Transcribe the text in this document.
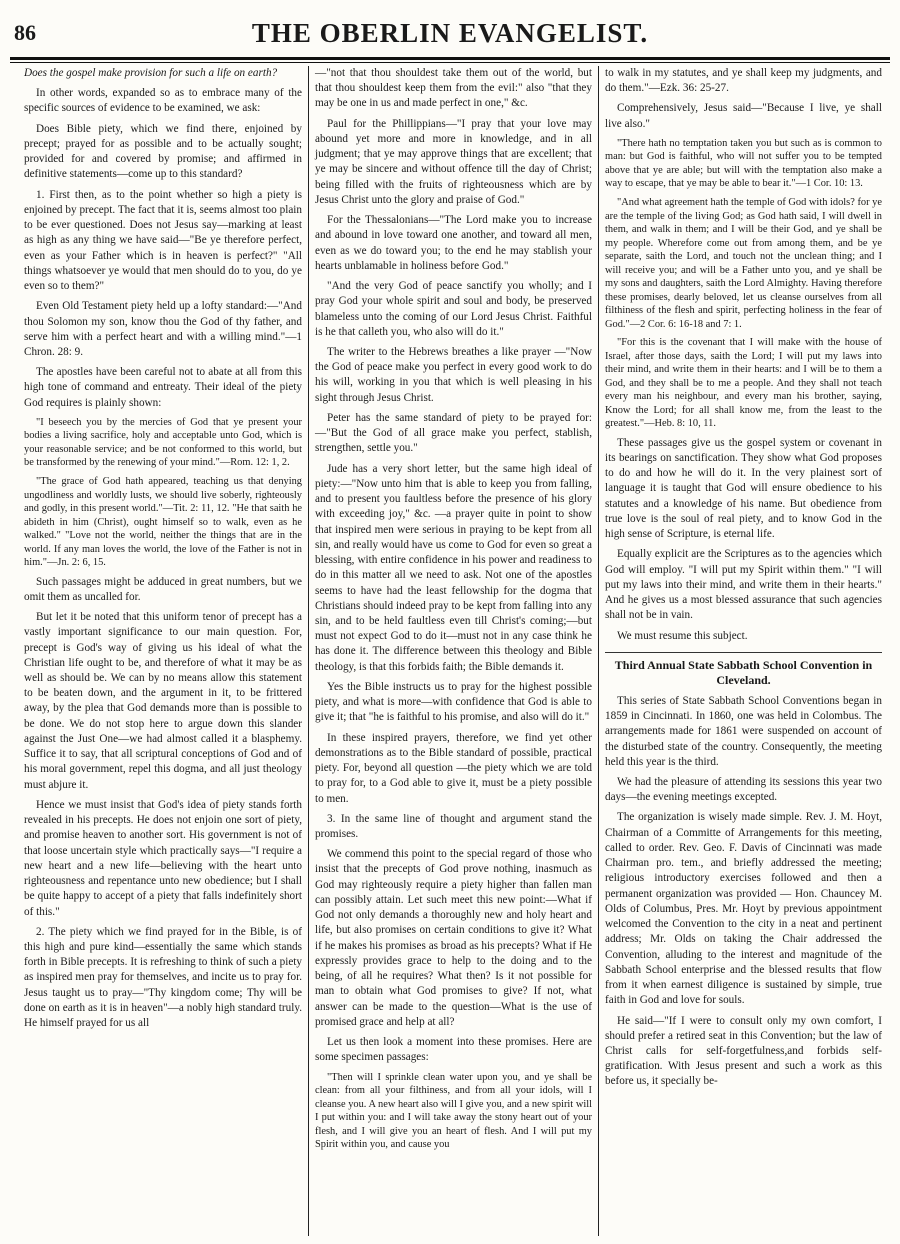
86	THE OBERLIN EVANGELIST.

Does the gospel make provision for such a life on earth?

In other words, expanded so as to embrace many of the specific sources of evidence to be examined, we ask:

Does Bible piety, which we find there, enjoined by precept; prayed for as possible and to be actually sought; provided for and covered by promise; and affirmed in definitive statements—come up to this standard?

1. First then, as to the point whether so high a piety is enjoined by precept. The fact that it is, seems almost too plain to be ever questioned. Does not Jesus say—marking at least as high as any thing we have said—"Be ye therefore perfect, even as your Father which is in heaven is perfect?" "All things whatsoever ye would that men should do to you, do ye even so to them?"

Even Old Testament piety held up a lofty standard:—"And thou Solomon my son, know thou the God of thy father, and serve him with a perfect heart and with a willing mind."—1 Chron. 28: 9.

The apostles have been careful not to abate at all from this high tone of command and entreaty. Their ideal of the piety God requires is plainly shown:

"I beseech you by the mercies of God that ye present your bodies a living sacrifice, holy and acceptable unto God, which is your reasonable service; and be not conformed to this world, but be transformed by the renewing of your mind."—Rom. 12: 1, 2.

"The grace of God hath appeared, teaching us that denying ungodliness and worldly lusts, we should live soberly, righteously and godly, in this present world."—Tit. 2: 11, 12. "He that saith he abideth in him (Christ), ought himself so to walk, even as he walked." "Love not the world, neither the things that are in the world. If any man loves the world, the love of the Father is not in him."—Jn. 2: 6, 15.

Such passages might be adduced in great numbers, but we omit them as uncalled for.

But let it be noted that this uniform tenor of precept has a vastly important significance to our main question. For, precept is God's way of giving us his ideal of what the Christian life ought to be, and therefore of what it may be as well as should be. We can by no means allow this statement to be beaten down, and the argument in it, to be frittered away, by the plea that God demands more than is possible to be done. We do not stop here to argue down this slander against the Just One—we had almost called it a blasphemy. Suffice it to say, that all scriptural conceptions of God and of his moral government, repel this dogma, and all just theology must abjure it.

Hence we must insist that God's idea of piety stands forth revealed in his precepts. He does not enjoin one sort of piety, and promise heaven to another sort. His government is not of that loose uncertain style which practically says—"I require a new heart and a new life—believing with the heart unto righteousness and repentance unto new obedience; but I shall be quite happy to accept of a piety that falls indefinitely short of this."

2. The piety which we find prayed for in the Bible, is of this high and pure kind—essentially the same which stands forth in Bible precepts. It is refreshing to think of such a piety as inspired men pray for themselves, and incite us to pray for. Jesus taught us to pray—"Thy kingdom come; Thy will be done on earth as it is in heaven"—a nobly high standard truly. He himself prayed for us all

—"not that thou shouldest take them out of the world, but that thou shouldest keep them from the evil:" also "that they may be one in us and made perfect in one," &c.

Paul for the Phillippians—"I pray that your love may abound yet more and more in knowledge, and in all judgment; that ye may approve things that are excellent; that ye may be sincere and without offence till the day of Christ; being filled with the fruits of righteousness which are by Jesus Christ unto the glory and praise of God."

For the Thessalonians—"The Lord make you to increase and abound in love toward one another, and toward all men, even as we do toward you; to the end he may stablish your hearts unblamable in holiness before God."

"And the very God of peace sanctify you wholly; and I pray God your whole spirit and soul and body, be preserved blameless unto the coming of our Lord Jesus Christ. Faithful is he that calleth you, who also will do it."

The writer to the Hebrews breathes a like prayer —"Now the God of peace make you perfect in every good work to do his will, working in you that which is well pleasing in his sight through Jesus Christ.

Peter has the same standard of piety to be prayed for:—"But the God of all grace make you perfect, stablish, strengthen, settle you."

Jude has a very short letter, but the same high ideal of piety:—"Now unto him that is able to keep you from falling, and to present you faultless before the presence of his glory with exceeding joy," &c. —a prayer quite in point to show that inspired men were serious in praying to be kept from all sin, and really would have us come to God for even so great a blessing, with entire confidence in his power and readiness to do in this matter all we need to ask. Not one of the apostles seems to have had the least fellowship for the dogma that Christians should indeed pray to be kept from falling into any sin, and to be held faultless even till Christ's coming;—but must not expect God to do it—must not in any case think he has done it. The difference between this theology and Bible theology, is that this forbids faith; the Bible demands it.

Yes the Bible instructs us to pray for the highest possible piety, and what is more—with confidence that God is able to give it; that "he is faithful to his promise, and also will do it."

In these inspired prayers, therefore, we find yet other demonstrations as to the Bible standard of possible, practical piety. For, beyond all question —the piety which we are told to pray for, to a God able to give it, must be a piety possible to men.

3. In the same line of thought and argument stand the promises.

We commend this point to the special regard of those who insist that the precepts of God prove nothing, inasmuch as God may righteously require a piety higher than fallen man can possibly attain. Let such meet this new point:—What if God not only demands a thoroughly new and holy heart and life, but also promises on certain conditions to give it? What if he makes his promises as broad as his precepts? What if He expressly provides grace to help to the doing and to the being, of all he requires? What then? Is it not possible for man to obtain what God promises to give? If not, what answer can be made to the question—What is the use of promised grace and help at all?

Let us then look a moment into these promises. Here are some specimen passages:

"Then will I sprinkle clean water upon you, and ye shall be clean: from all your filthiness, and from all your idols, will I cleanse you. A new heart also will I give you, and a new spirit will I put within you: and I will take away the stony heart out of your flesh, and I will give you an heart of flesh. And I will put my Spirit within you, and cause you

to walk in my statutes, and ye shall keep my judgments, and do them."—Ezk. 36: 25-27.

Comprehensively, Jesus said—"Because I live, ye shall live also."

"There hath no temptation taken you but such as is common to man: but God is faithful, who will not suffer you to be tempted above that ye are able; but will with the temptation also make a way to escape, that ye may be able to bear it."—1 Cor. 10: 13.

"And what agreement hath the temple of God with idols? for ye are the temple of the living God; as God hath said, I will dwell in them, and walk in them; and I will be their God, and ye shall be my people. Wherefore come out from among them, and be ye separate, saith the Lord, and touch not the unclean thing; and I will receive you; and will be a Father unto you, and ye shall be my sons and daughters, saith the Lord Almighty. Having therefore these promises, dearly beloved, let us cleanse ourselves from all filthiness of the flesh and spirit, perfecting holiness in the fear of God."—2 Cor. 6: 16-18 and 7: 1.

"For this is the covenant that I will make with the house of Israel, after those days, saith the Lord; I will put my laws into their mind, and write them in their hearts: and I will be to them a God, and they shall be to me a people. And they shall not teach every man his neighbour, and every man his brother, saying, Know the Lord; for all shall know me, from the least to the greatest."—Heb. 8: 10, 11.

These passages give us the gospel system or covenant in its bearings on sanctification. They show what God proposes to do and how he will do it. In the very plainest sort of language it is taught that God will ensure obedience to his statutes and a knowledge of his name. But obedience from true love is the soul of real piety, and to know God in the high sense of Scripture, is eternal life.

Equally explicit are the Scriptures as to the agencies which God will employ. "I will put my Spirit within them." "I will put my laws into their mind, and write them in their hearts." And he gives us a most blessed assurance that such agencies shall not be in vain.

We must resume this subject.

Third Annual State Sabbath School Convention in Cleveland.

This series of State Sabbath School Conventions began in 1859 in Cincinnati. In 1860, one was held in Colombus. The arrangements made for 1861 were suspended on account of the disturbed state of the country. Consequently, the meeting held this year is the third.

We had the pleasure of attending its sessions this year two days—the evening meetings excepted.

The organization is wisely made simple. Rev. J. M. Hoyt, Chairman of a Committe of Arrangements for this meeting, called to order. Rev. Geo. F. Davis of Cincinnati was made Chairman pro. tem., and briefly addressed the meeting; religious introductory exercises followed and then a permanent organization was provided — Hon. Chauncey M. Olds of Columbus, Pres. Mr. Hoyt by previous appointment welcomed the Convention to the city in a neat and pertinent address; Mr. Olds on taking the Chair addressed the Convention, alluding to the interest and magnitude of the Sabbath School enterprise and the blessed results that flow from it when earnest diligence is sustained by simple, true faith in God and love for souls.

He said—"If I were to consult only my own comfort, I should prefer a retired seat in this Convention; but the law of Christ calls for self-forgetfulness,and forbids self-gratification. With Jesus present and such a work as this before us, it specially be-
